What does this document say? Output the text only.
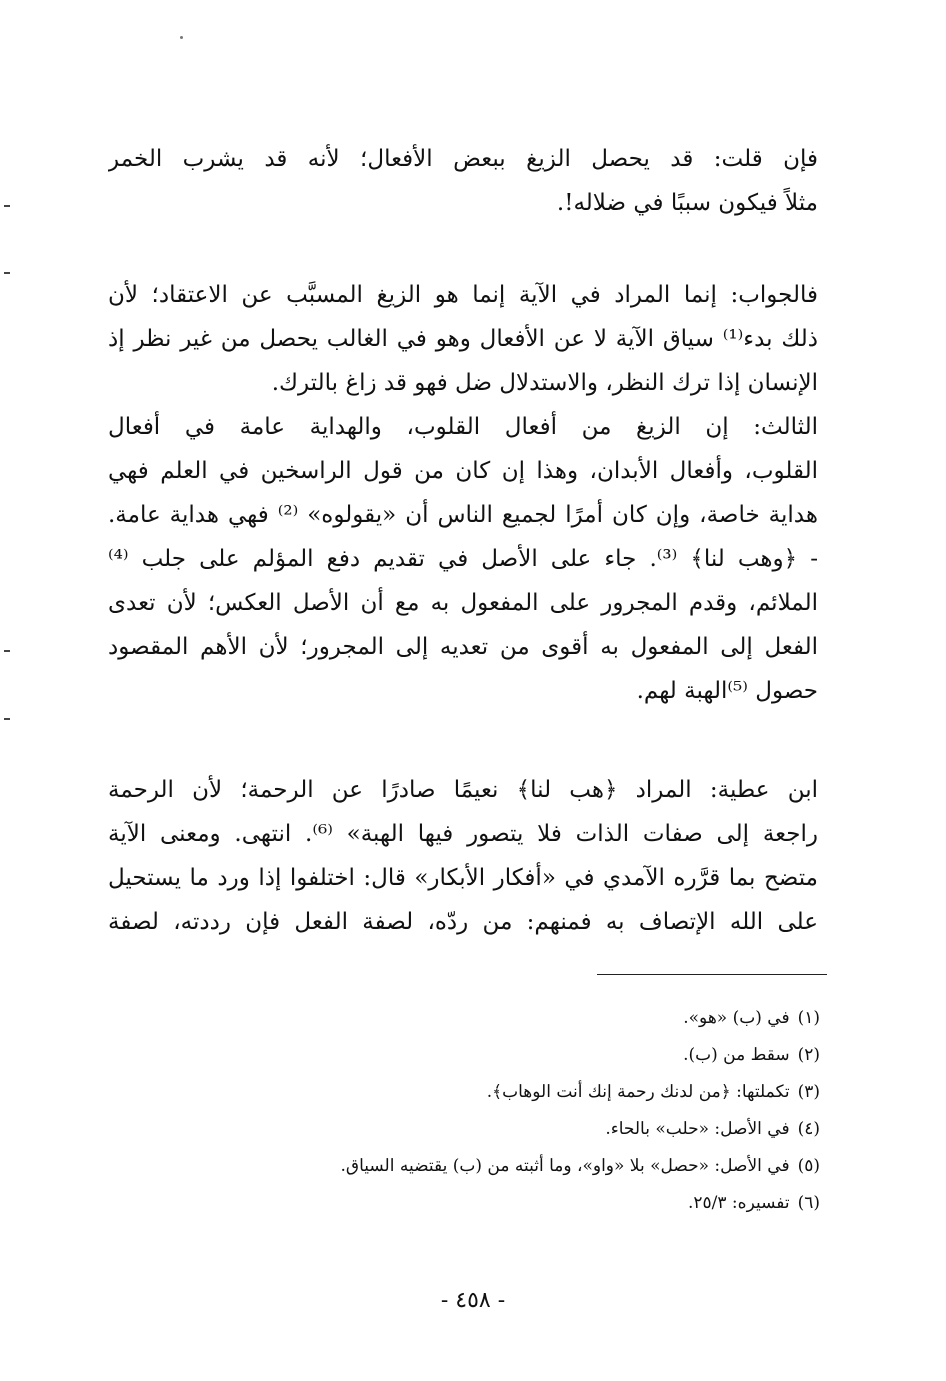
فإن قلت: قد يحصل الزيغ ببعض الأفعال؛ لأنه قد يشرب الخمر
مثلاً فيكون سببًا في ضلاله!.
فالجواب: إنما المراد في الآية إنما هو الزيغ المسبَّب عن الاعتقاد؛ لأن
ذلك بدء⁽¹⁾ سياق الآية لا عن الأفعال وهو في الغالب يحصل من غير نظر إذ
الإنسان إذا ترك النظر، والاستدلال ضل فهو قد زاغ بالترك.
الثالث: إن الزيغ من أفعال القلوب، والهداية عامة في أفعال
القلوب، وأفعال الأبدان، وهذا إن كان من قول الراسخين في العلم فهي
هداية خاصة، وإن كان أمرًا لجميع الناس أن «يقولوه» ⁽²⁾ فهي هداية عامة.
- ﴿وهب لنا﴾ ⁽³⁾. جاء على الأصل في تقديم دفع المؤلم على جلب ⁽⁴⁾
الملائم، وقدم المجرور على المفعول به مع أن الأصل العكس؛ لأن تعدى
الفعل إلى المفعول به أقوى من تعديه إلى المجرور؛ لأن الأهم المقصود
حصول ⁽⁵⁾الهبة لهم.
ابن عطية: المراد ﴿هب لنا﴾ نعيمًا صادرًا عن الرحمة؛ لأن الرحمة
راجعة إلى صفات الذات فلا يتصور فيها الهبة» ⁽⁶⁾. انتهى. ومعنى الآية
متضح بما قرَّره الآمدي في «أفكار الأبكار» قال: اختلفوا إذا ورد ما يستحيل
على الله الإتصاف به فمنهم: من ردّه، لصفة الفعل فإن رددته، لصفة
(١)في (ب) «هو».
(٢)سقط من (ب).
(٣)تكملتها: ﴿من لدنك رحمة إنك أنت الوهاب﴾.
(٤)في الأصل: «حلب» بالحاء.
(٥)في الأصل: «حصل» بلا «واو»، وما أثبته من (ب) يقتضيه السياق.
(٦)تفسيره: ٢٥/٣.
- ٤٥٨ -
